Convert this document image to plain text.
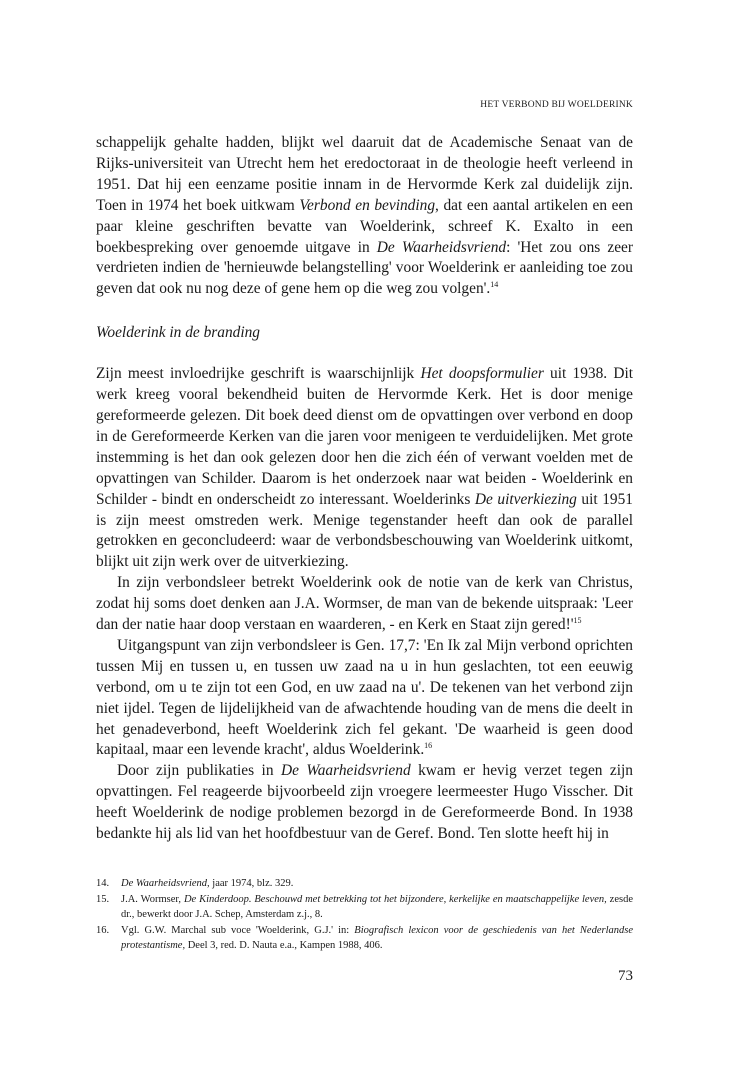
HET VERBOND BIJ WOELDERINK

schappelijk gehalte hadden, blijkt wel daaruit dat de Academische Senaat van de Rijks-universiteit van Utrecht hem het eredoctoraat in de theologie heeft verleend in 1951. Dat hij een eenzame positie innam in de Hervormde Kerk zal duidelijk zijn. Toen in 1974 het boek uitkwam Verbond en bevinding, dat een aantal artikelen en een paar kleine geschriften bevatte van Woelderink, schreef K. Exalto in een boekbespreking over genoemde uitgave in De Waarheidsvriend: 'Het zou ons zeer verdrieten indien de 'hernieuwde belangstelling' voor Woelderink er aanleiding toe zou geven dat ook nu nog deze of gene hem op die weg zou volgen'.$^{14}$

Woelderink in de branding

Zijn meest invloedrijke geschrift is waarschijnlijk Het doopsformulier uit 1938. Dit werk kreeg vooral bekendheid buiten de Hervormde Kerk. Het is door menige gereformeerde gelezen. Dit boek deed dienst om de opvattingen over verbond en doop in de Gereformeerde Kerken van die jaren voor menigeen te verduidelijken. Met grote instemming is het dan ook gelezen door hen die zich één of verwant voelden met de opvattingen van Schilder. Daarom is het onderzoek naar wat beiden - Woelderink en Schilder - bindt en onderscheidt zo interessant. Woelderinks De uitverkiezing uit 1951 is zijn meest omstreden werk. Menige tegenstander heeft dan ook de parallel getrokken en geconcludeerd: waar de verbondsbeschouwing van Woelderink uitkomt, blijkt uit zijn werk over de uitverkiezing.

In zijn verbondsleer betrekt Woelderink ook de notie van de kerk van Christus, zodat hij soms doet denken aan J.A. Wormser, de man van de bekende uitspraak: 'Leer dan der natie haar doop verstaan en waarderen, - en Kerk en Staat zijn $gered!'^{15}$

Uitgangspunt van zijn verbondsleer is Gen. 17,7: 'En Ik zal Mijn verbond oprichten tussen Mij en tussen u, en tussen uw zaad na u in hun geslachten, tot een eeuwig verbond, om u te zijn tot een God, en uw zaad na u'. De tekenen van het verbond zijn niet ijdel. Tegen de lijdelijkheid van de afwachtende houding van de mens die deelt in het genadeverbond, heeft Woelderink zich fel gekant. 'De waarheid is geen dood kapitaal, maar een levende kracht', aldus Woelderink.$^{16}$

Door zijn publikaties in De Waarheidsvriend kwam er hevig verzet tegen zijn opvattingen. Fel reageerde bijvoorbeeld zijn vroegere leermeester Hugo Visscher. Dit heeft Woelderink de nodige problemen bezorgd in de Gereformeerde Bond. In 1938 bedankte hij als lid van het hoofdbestuur van de Geref. Bond. Ten slotte heeft hij in

14. De Waarheidsvriend, jaar 1974, blz. 329.

15. J.A. Wormser, De Kinderdoop. Beschouwd met betrekking tot het bijzondere, kerkelijke en maatschappelijke leven, zesde dr., bewerkt door J.A. Schep, Amsterdam z.j., 8.

16. Vgl. G.W. Marchal sub voce 'Woelderink, G.J.' in: Biografisch lexicon voor de geschiedenis van het Nederlandse protestantisme, Deel 3, red. D. Nauta e.a., Kampen 1988, 406.

73
